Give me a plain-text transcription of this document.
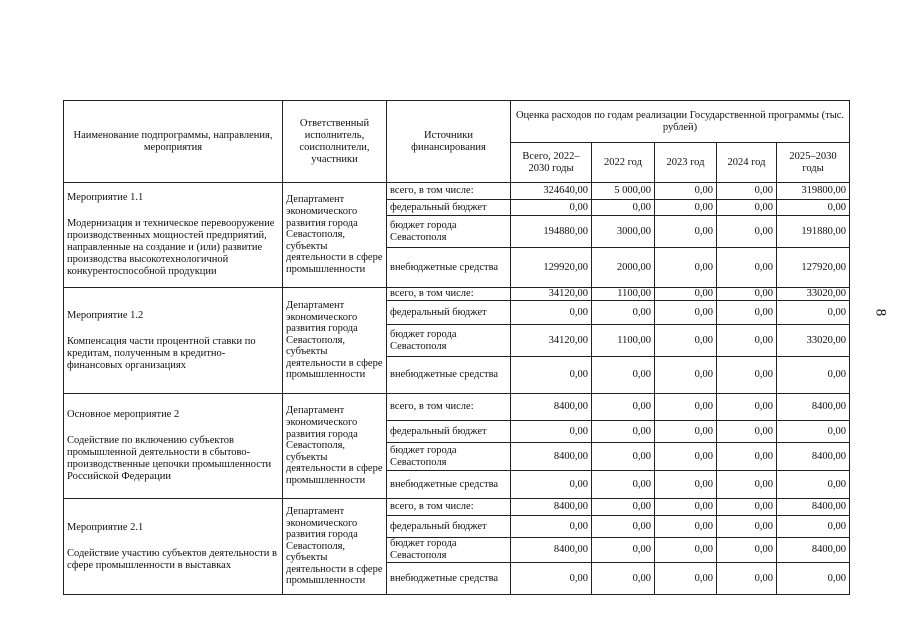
8
Наименование подпрограммы, направления, мероприятия	Ответственный исполнитель, соисполнители, участники	Источники финансирования	Оценка расходов по годам реализации Государственной программы (тыс. рублей)				
			Всего, 2022–2030 годы	2022 год	2023 год	2024 год	2025–2030 годы
Мероприятие 1.1
Модернизация и техническое перевооружение производственных мощностей предприятий, направленные на создание и (или) развитие производства высокотехнологичной конкурентоспособной продукции	Департамент экономического развития города Севастополя, субъекты деятельности в сфере промышленности	всего, в том числе:	324640,00	5 000,00	0,00	0,00	319800,00
		федеральный бюджет	0,00	0,00	0,00	0,00	0,00
		бюджет города Севастополя	194880,00	3000,00	0,00	0,00	191880,00
		внебюджетные средства	129920,00	2000,00	0,00	0,00	127920,00
Мероприятие 1.2
Компенсация части процентной ставки по кредитам, полученным в кредитно-финансовых организациях	Департамент экономического развития города Севастополя, субъекты деятельности в сфере промышленности	всего, в том числе:	34120,00	1100,00	0,00	0,00	33020,00
		федеральный бюджет	0,00	0,00	0,00	0,00	0,00
		бюджет города Севастополя	34120,00	1100,00	0,00	0,00	33020,00
		внебюджетные средства	0,00	0,00	0,00	0,00	0,00
Основное мероприятие 2
Содействие по включению субъектов промышленной деятельности в сбытово-производственные цепочки промышленности Российской Федерации	Департамент экономического развития города Севастополя, субъекты деятельности в сфере промышленности	всего, в том числе:	8400,00	0,00	0,00	0,00	8400,00
		федеральный бюджет	0,00	0,00	0,00	0,00	0,00
		бюджет города Севастополя	8400,00	0,00	0,00	0,00	8400,00
		внебюджетные средства	0,00	0,00	0,00	0,00	0,00
Мероприятие 2.1
Содействие участию субъектов деятельности в сфере промышленности в выставках	Департамент экономического развития города Севастополя, субъекты деятельности в сфере промышленности	всего, в том числе:	8400,00	0,00	0,00	0,00	8400,00
		федеральный бюджет	0,00	0,00	0,00	0,00	0,00
		бюджет города Севастополя	8400,00	0,00	0,00	0,00	8400,00
		внебюджетные средства	0,00	0,00	0,00	0,00	0,00
